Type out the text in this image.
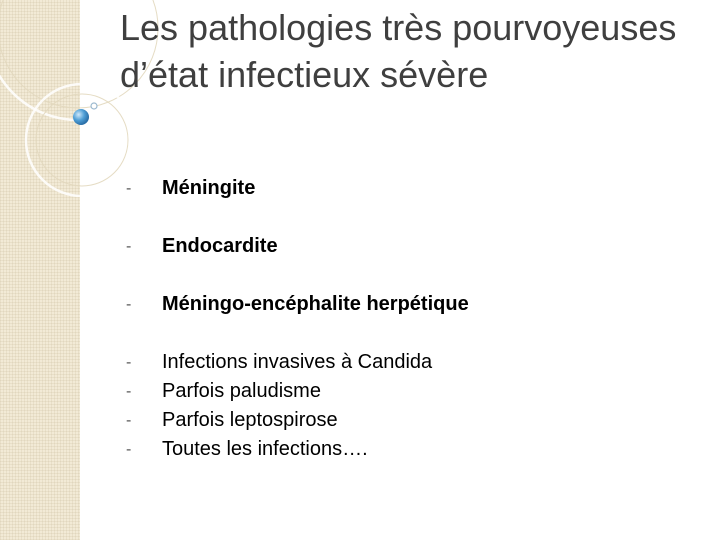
Les pathologies très pourvoyeuses d’état infectieux sévère
- Méningite
- Endocardite
- Méningo-encéphalite herpétique
- Infections invasives à Candida
- Parfois paludisme
- Parfois leptospirose
- Toutes les infections….
